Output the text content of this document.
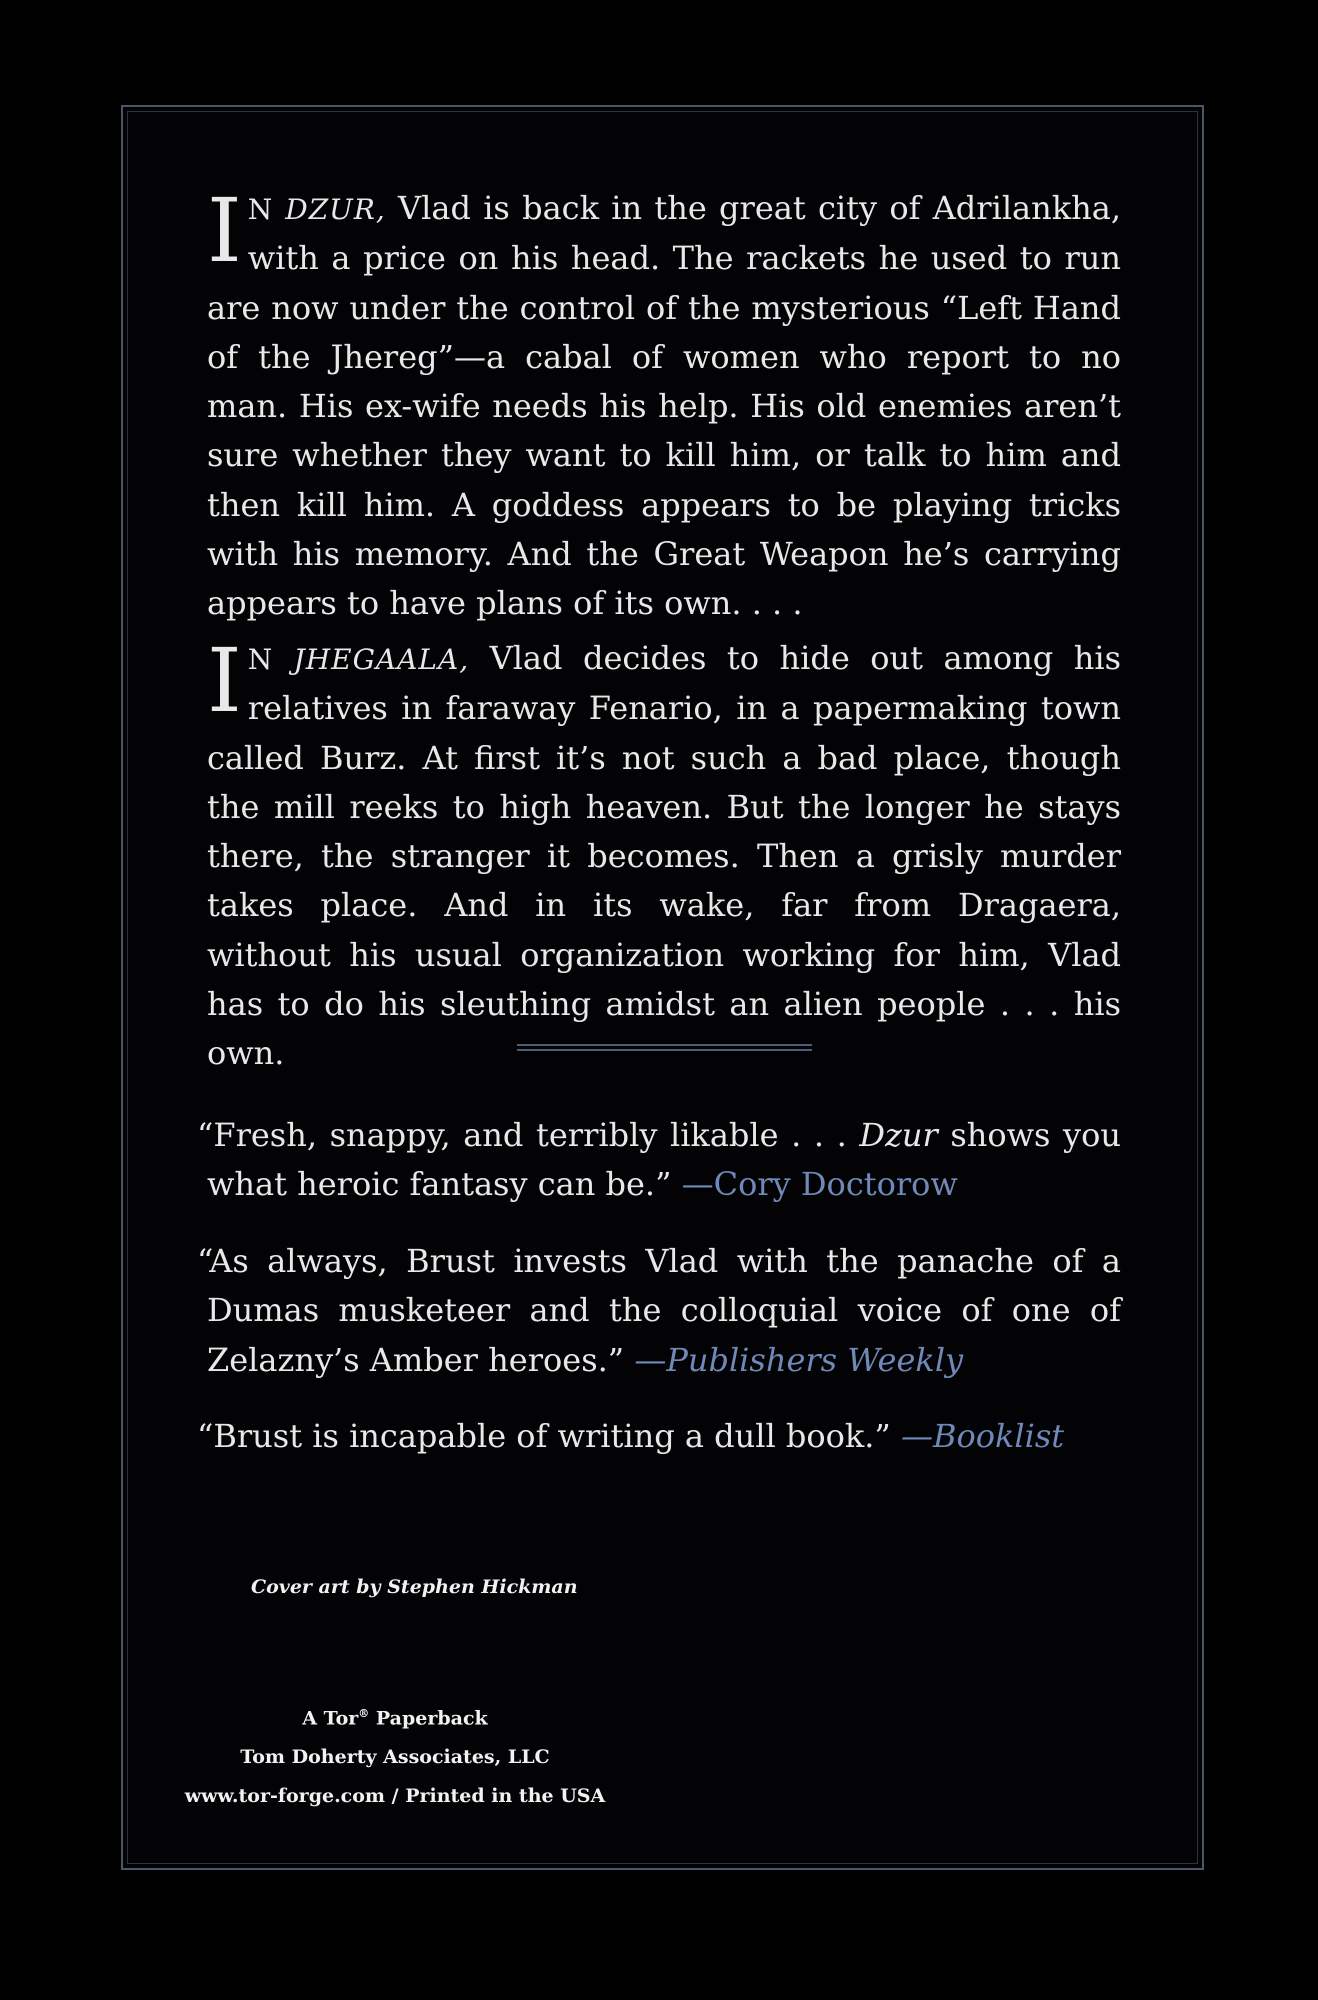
I N DZUR, Vlad is back in the great city of Adrilankha, with a price on his head. The rackets he used to run are now under the control of the mysterious “Left Hand of the Jhereg”—a cabal of women who report to no man. His ex-wife needs his help. His old enemies aren’t sure whether they want to kill him, or talk to him and then kill him. A goddess appears to be playing tricks with his memory. And the Great Weapon he’s carrying appears to have plans of its own. . . .
I N JHEGAALA, Vlad decides to hide out among his relatives in faraway Fenario, in a papermaking town called Burz. At first it’s not such a bad place, though the mill reeks to high heaven. But the longer he stays there, the stranger it becomes. Then a grisly murder takes place. And in its wake, far from Dragaera, without his usual organization working for him, Vlad has to do his sleuthing amidst an alien people . . . his own.
“Fresh, snappy, and terribly likable . . . Dzur shows you what heroic fantasy can be.” —Cory Doctorow
“As always, Brust invests Vlad with the panache of a Dumas musketeer and the colloquial voice of one of Zelazny’s Amber heroes.” —Publishers Weekly
“Brust is incapable of writing a dull book.” —Booklist
Cover art by Stephen Hickman
A Tor® Paperback
Tom Doherty Associates, LLC
www.tor-forge.com / Printed in the USA
